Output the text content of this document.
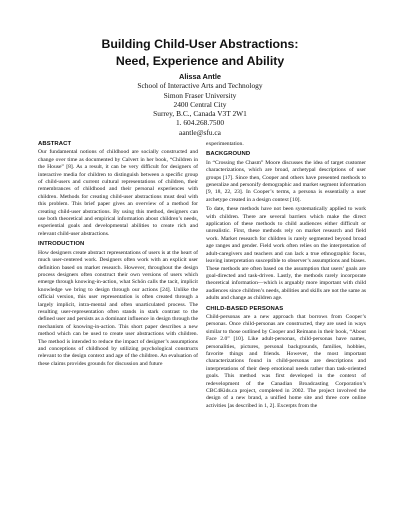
Building Child-User Abstractions:
Need, Experience and Ability
Alissa Antle
School of Interactive Arts and Technology
Simon Fraser University
2400 Central City
Surrey, B.C., Canada V3T 2W1
1. 604.268.7500
aantle@sfu.ca
ABSTRACT

Our fundamental notions of childhood are socially constructed and change over time as documented by Calvert in her book, “Children in the House” [8]. As a result, it can be very difficult for designers of interactive media for children to distinguish between a specific group of child-users and current cultural representations of children, their remembrances of childhood and their personal experiences with children. Methods for creating child-user abstractions must deal with this problem. This brief paper gives an overview of a method for creating child-user abstractions. By using this method, designers can use both theoretical and empirical information about children’s needs, experiential goals and developmental abilities to create rich and relevant child-user abstractions.

INTRODUCTION

How designers create abstract representations of users is at the heart of much user-centered work. Designers often work with an explicit user definition based on market research. However, throughout the design process designers often construct their own versions of users which emerge through knowing-in-action, what Schön calls the tacit, implicit knowledge we bring to design through our actions [24]. Unlike the official version, this user representation is often created through a largely implicit, intra-mental and often unarticulated process. The resulting user-representation often stands in stark contrast to the defined user and persists as a dominant influence in design through the mechanism of knowing-in-action. This short paper describes a new method which can be used to create user abstractions with children. The method is intended to reduce the impact of designer’s assumptions and conceptions of childhood by utilizing psychological constructs relevant to the design context and age of the children. An evaluation of these claims provides grounds for discussion and future

experimentation.

BACKGROUND

In “Crossing the Chasm” Moore discusses the idea of target customer characterizations, which are broad, archetypal descriptions of user groups [17]. Since then, Cooper and others have presented methods to generalize and personify demographic and market segment information [9, 18, 22, 23]. In Cooper’s terms, a persona is essentially a user archetype created in a design context [10].

To date, these methods have not been systematically applied to work with children. There are several barriers which make the direct application of these methods to child audiences either difficult or unrealistic. First, these methods rely on market research and field work. Market research for children is rarely segmented beyond broad age ranges and gender. Field work often relies on the interpretation of adult-caregivers and teachers and can lack a true ethnographic focus, leaving interpretation susceptible to observer’s assumptions and biases. These methods are often based on the assumption that users’ goals are goal-directed and task-driven. Lastly, the methods rarely incorporate theoretical information—which is arguably more important with child audiences since children’s needs, abilities and skills are not the same as adults and change as children age.

CHILD-BASED PERSONAS

Child-personas are a new approach that borrows from Cooper’s personas. Once child-personas are constructed, they are used in ways similar to those outlined by Cooper and Reimann in their book, “About Face 2.0” [10]. Like adult-personas, child-personas have names, personalities, pictures, personal backgrounds, families, hobbies, favorite things and friends. However, the most important characterizations found in child-personas are descriptions and interpretations of their deep emotional needs rather than task-oriented goals. This method was first developed in the context of redevelopment of the Canadian Broadcasting Corporation’s CBC4Kids.ca project, completed in 2002. The project involved the design of a new brand, a unified home site and three core online activities [as described in 1, 2]. Excerpts from the
